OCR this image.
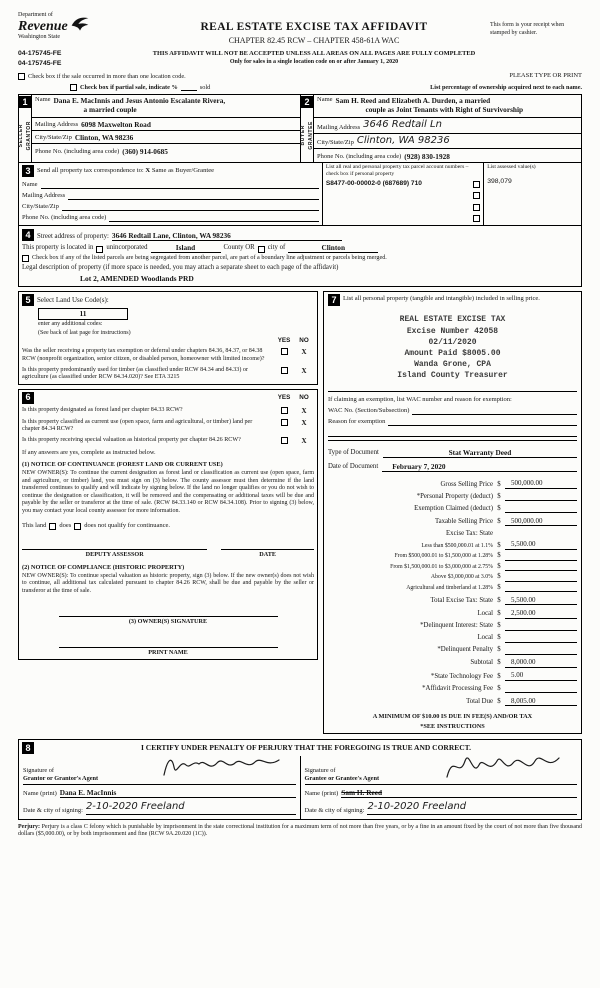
Department of
Revenue
Washington State
04-175745-FE
04-175745-FE
REAL ESTATE EXCISE TAX AFFIDAVIT
CHAPTER 82.45 RCW – CHAPTER 458-61A WAC
THIS AFFIDAVIT WILL NOT BE ACCEPTED UNLESS ALL AREAS ON ALL PAGES ARE FULLY COMPLETED
Only for sales in a single location code on or after January 1, 2020
This form is your receipt when stamped by cashier.
Check box if the sale occurred in more than one location code.	PLEASE TYPE OR PRINT
Check box if partial sale, indicate %	sold	List percentage of ownership acquired next to each name.
1
SELLER GRANTOR
Name Dana E. MacInnis and Jesus Antonio Escalante Rivera,
a married couple
Mailing Address 6098 Maxwelton Road
City/State/Zip Clinton, WA 98236
Phone No. (including area code) (360) 914-0685
2
BUYER GRANTEE
Name Sam H. Reed and Elizabeth A. Durden, a married
couple as Joint Tenants with Right of Survivorship
Mailing Address 3646 Redtail Ln
City/State/Zip Clinton, WA 98236
Phone No. (including area code) (928) 830-1928
3 Send all property tax correspondence to: X Same as Buyer/Grantee
Name
Mailing Address
City/State/Zip
Phone No. (including area code)
List all real and personal property tax parcel account numbers – check box if personal property
S8477-00-00002-0 (687689) 710
List assessed value(s)
398,079
4 Street address of property: 3646 Redtail Lane, Clinton, WA 98236
This property is located in unincorporated	Island	County OR city of	Clinton
Check box if any of the listed parcels are being segregated from another parcel, are part of a boundary line adjustment or parcels being merged.
Legal description of property (if more space is needed, you may attach a separate sheet to each page of the affidavit)
Lot 2, AMENDED Woodlands PRD
5 Select Land Use Code(s):
11
enter any additional codes:
(See back of last page for instructions)
YES	NO
Was the seller receiving a property tax exemption or deferral under chapters 84.36, 84.37, or 84.38 RCW (nonprofit organization, senior citizen, or disabled person, homeowner with limited income)?
X
Is this property predominantly used for timber (as classified under RCW 84.34 and 84.33) or agriculture (as classified under RCW 84.34.020)? See ETA 3215
X
6	YES	NO
Is this property designated as forest land per chapter 84.33 RCW?	X
Is this property classified as current use (open space, farm and agricultural, or timber) land per chapter 84.34 RCW?
X
Is this property receiving special valuation as historical property per chapter 84.26 RCW?	X
If any answers are yes, complete as instructed below.
(1) NOTICE OF CONTINUANCE (FOREST LAND OR CURRENT USE)
NEW OWNER(S): To continue the current designation as forest land or classification as current use (open space, farm and agriculture, or timber) land, you must sign on (3) below. The county assessor must then determine if the land transferred continues to qualify and will indicate by signing below. If the land no longer qualifies or you do not wish to continue the designation or classification, it will be removed and the compensating or additional taxes will be due and payable by the seller or transferor at the time of sale. (RCW 84.33.140 or RCW 84.34.108). Prior to signing (3) below, you may contact your local county assessor for more information.
This land does does not qualify for continuance.
DEPUTY ASSESSOR	DATE
(2) NOTICE OF COMPLIANCE (HISTORIC PROPERTY)
NEW OWNER(S): To continue special valuation as historic property, sign (3) below. If the new owner(s) does not wish to continue, all additional tax calculated pursuant to chapter 84.26 RCW, shall be due and payable by the seller or transferor at the time of sale.
(3) OWNER(S) SIGNATURE
PRINT NAME
7	List all personal property (tangible and intangible) included in selling price.
REAL ESTATE EXCISE TAX
Excise Number 42058
02/11/2020
Amount Paid $8005.00
Wanda Grone, CPA
Island County Treasurer
If claiming an exemption, list WAC number and reason for exemption:
WAC No. (Section/Subsection)
Reason for exemption
Type of Document	Stat Warranty Deed
Date of Document	February 7, 2020
Gross Selling Price $	500,000.00
*Personal Property (deduct) $
Exemption Claimed (deduct) $
Taxable Selling Price $	500,000.00
Excise Tax: State
Less than $500,000.01 at 1.1% $	5,500.00
From $500,000.01 to $1,500,000 at 1.28% $
From $1,500,000.01 to $3,000,000 at 2.75% $
Above $3,000,000 at 3.0% $
Agricultural and timberland at 1.28% $
Total Excise Tax: State $	5,500.00
Local $	2,500.00
*Delinquent Interest: State $
Local $
*Delinquent Penalty $
Subtotal $	8,000.00
*State Technology Fee $	5.00
*Affidavit Processing Fee $
Total Due $	8,005.00
A MINIMUM OF $10.00 IS DUE IN FEE(S) AND/OR TAX
*SEE INSTRUCTIONS
8	I CERTIFY UNDER PENALTY OF PERJURY THAT THE FOREGOING IS TRUE AND CORRECT.
Signature of
Grantor or Grantor's Agent
Name (print) Dana E. MacInnis
Date & city of signing: 2-10-2020 Freeland
Signature of
Grantee or Grantee's Agent
Name (print) Sam H. Reed
Date & city of signing: 2-10-2020 Freeland
Perjury: Perjury is a class C felony which is punishable by imprisonment in the state correctional institution for a maximum term of not more than five years, or by a fine in an amount fixed by the court of not more than five thousand dollars ($5,000.00), or by both imprisonment and fine (RCW 9A.20.020 (1C)).
